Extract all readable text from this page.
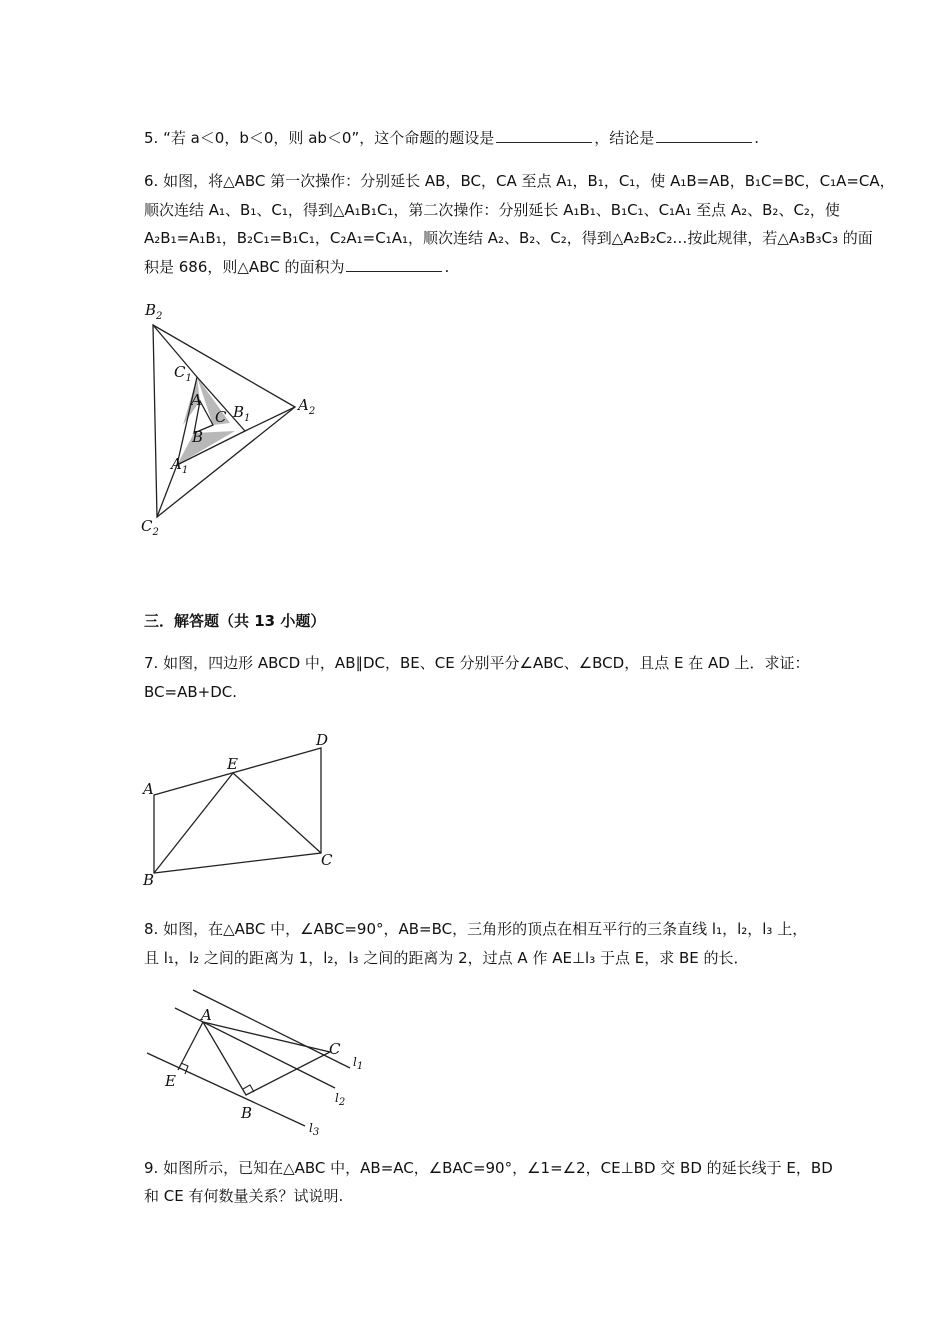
5. “若 a＜0，b＜0，则 ab＜0”，这个命题的题设是	，结论是	.
6. 如图，将△ABC 第一次操作：分别延长 AB，BC，CA 至点 A₁，B₁，C₁，使 A₁B=AB，B₁C=BC，C₁A=CA，
顺次连结 A₁、B₁、C₁，得到△A₁B₁C₁，第二次操作：分别延长 A₁B₁、B₁C₁、C₁A₁ 至点 A₂、B₂、C₂，使
A₂B₁=A₁B₁，B₂C₁=B₁C₁，C₂A₁=C₁A₁，顺次连结 A₂、B₂、C₂，得到△A₂B₂C₂…按此规律，若△A₃B₃C₃ 的面
积是 686，则△ABC 的面积为	.
$B_2$
$C_1$
A
C $B_1$
$A_2$
B
$A_1$
$C_2$
三．解答题（共 13 小题）
7. 如图，四边形 ABCD 中，AB∥DC，BE、CE 分别平分∠ABC、∠BCD，且点 E 在 AD 上．求证：
BC=AB+DC.
A
B
C
D
E
8. 如图，在△ABC 中，∠ABC=90°，AB=BC，三角形的顶点在相互平行的三条直线 l₁，l₂，l₃ 上，
且 l₁，l₂ 之间的距离为 1，l₂，l₃ 之间的距离为 2，过点 A 作 AE⊥l₃ 于点 E，求 BE 的长．
A
C
E
B
$l_1$
$l_2$
$l_3$
9. 如图所示，已知在△ABC 中，AB=AC，∠BAC=90°，∠1=∠2，CE⊥BD 交 BD 的延长线于 E，BD
和 CE 有何数量关系？试说明.
